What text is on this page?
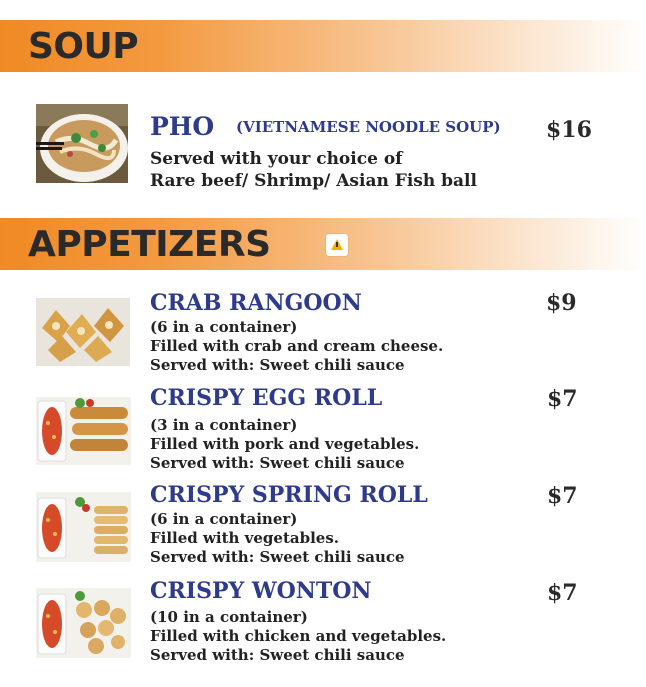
SOUP
PHO (VIETNAMESE NOODLE SOUP) $16
Served with your choice of
Rare beef/ Shrimp/ Asian Fish ball
APPETIZERS
CRAB RANGOON	$9
(6 in a container)
Filled with crab and cream cheese.
Served with: Sweet chili sauce
CRISPY EGG ROLL	$7
(3 in a container)
Filled with pork and vegetables.
Served with: Sweet chili sauce
CRISPY SPRING ROLL	$7
(6 in a container)
Filled with vegetables.
Served with: Sweet chili sauce
CRISPY WONTON	$7
(10 in a container)
Filled with chicken and vegetables.
Served with: Sweet chili sauce
